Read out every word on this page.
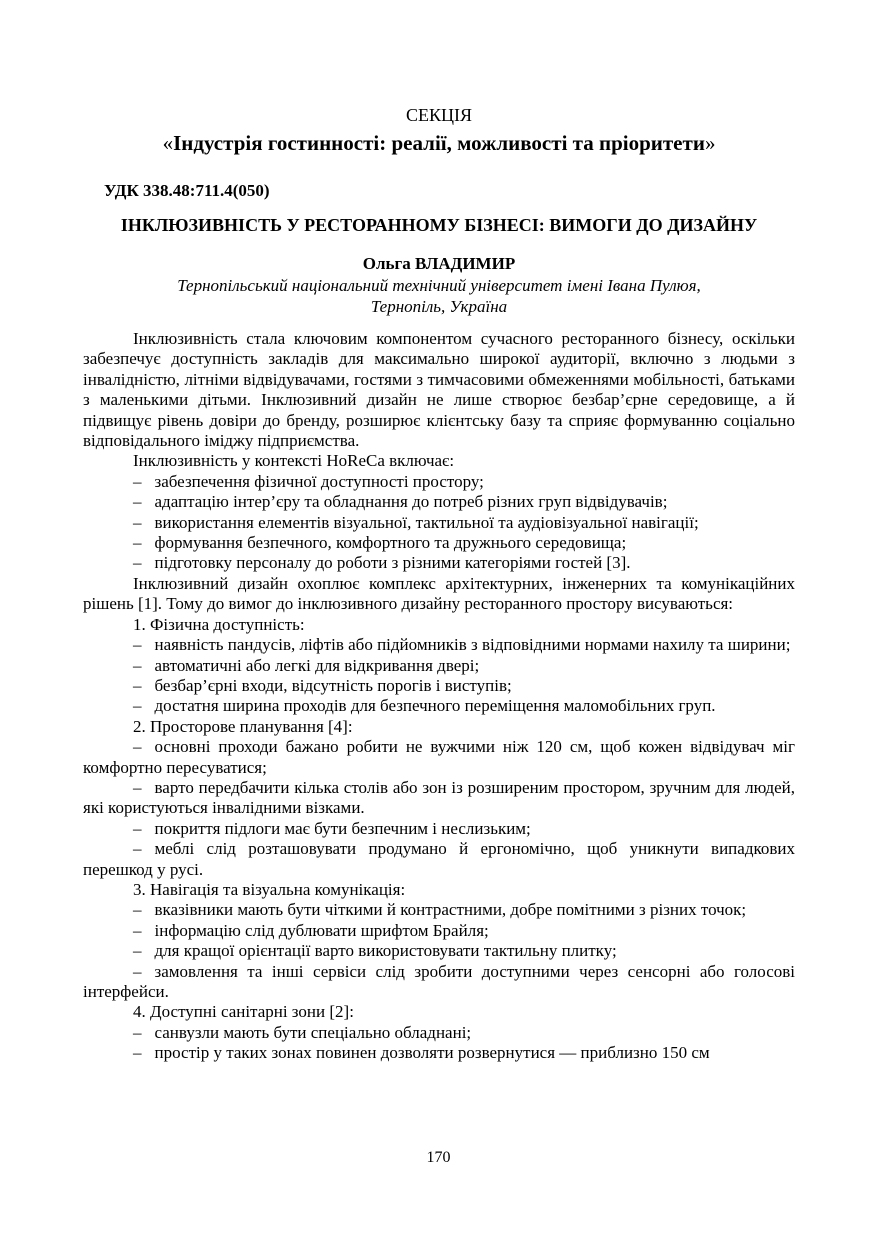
СЕКЦІЯ
«Індустрія гостинності: реалії, можливості та пріоритети»
УДК 338.48:711.4(050)
ІНКЛЮЗИВНІСТЬ У РЕСТОРАННОМУ БІЗНЕСІ: ВИМОГИ ДО ДИЗАЙНУ
Ольга ВЛАДИМИР
Тернопільський національний технічний університет імені Івана Пулюя,
Тернопіль, Україна
Інклюзивність стала ключовим компонентом сучасного ресторанного бізнесу, оскільки забезпечує доступність закладів для максимально широкої аудиторії, включно з людьми з інвалідністю, літніми відвідувачами, гостями з тимчасовими обмеженнями мобільності, батьками з маленькими дітьми. Інклюзивний дизайн не лише створює безбар’єрне середовище, а й підвищує рівень довіри до бренду, розширює клієнтську базу та сприяє формуванню соціально відповідального іміджу підприємства.
Інклюзивність у контексті HoReCa включає:
– забезпечення фізичної доступності простору;
– адаптацію інтер’єру та обладнання до потреб різних груп відвідувачів;
– використання елементів візуальної, тактильної та аудіовізуальної навігації;
– формування безпечного, комфортного та дружнього середовища;
– підготовку персоналу до роботи з різними категоріями гостей [3].
Інклюзивний дизайн охоплює комплекс архітектурних, інженерних та комунікаційних рішень [1]. Тому до вимог до інклюзивного дизайну ресторанного простору висуваються:
1. Фізична доступність:
– наявність пандусів, ліфтів або підйомників з відповідними нормами нахилу та ширини;
– автоматичні або легкі для відкривання двері;
– безбар’єрні входи, відсутність порогів і виступів;
– достатня ширина проходів для безпечного переміщення маломобільних груп.
2. Просторове планування [4]:
– основні проходи бажано робити не вужчими ніж 120 см, щоб кожен відвідувач міг комфортно пересуватися;
– варто передбачити кілька столів або зон із розширеним простором, зручним для людей, які користуються інвалідними візками.
– покриття підлоги має бути безпечним і неслизьким;
– меблі слід розташовувати продумано й ергономічно, щоб уникнути випадкових перешкод у русі.
3. Навігація та візуальна комунікація:
– вказівники мають бути чіткими й контрастними, добре помітними з різних точок;
– інформацію слід дублювати шрифтом Брайля;
– для кращої орієнтації варто використовувати тактильну плитку;
– замовлення та інші сервіси слід зробити доступними через сенсорні або голосові інтерфейси.
4. Доступні санітарні зони [2]:
– санвузли мають бути спеціально обладнані;
– простір у таких зонах повинен дозволяти розвернутися — приблизно 150 см
170
